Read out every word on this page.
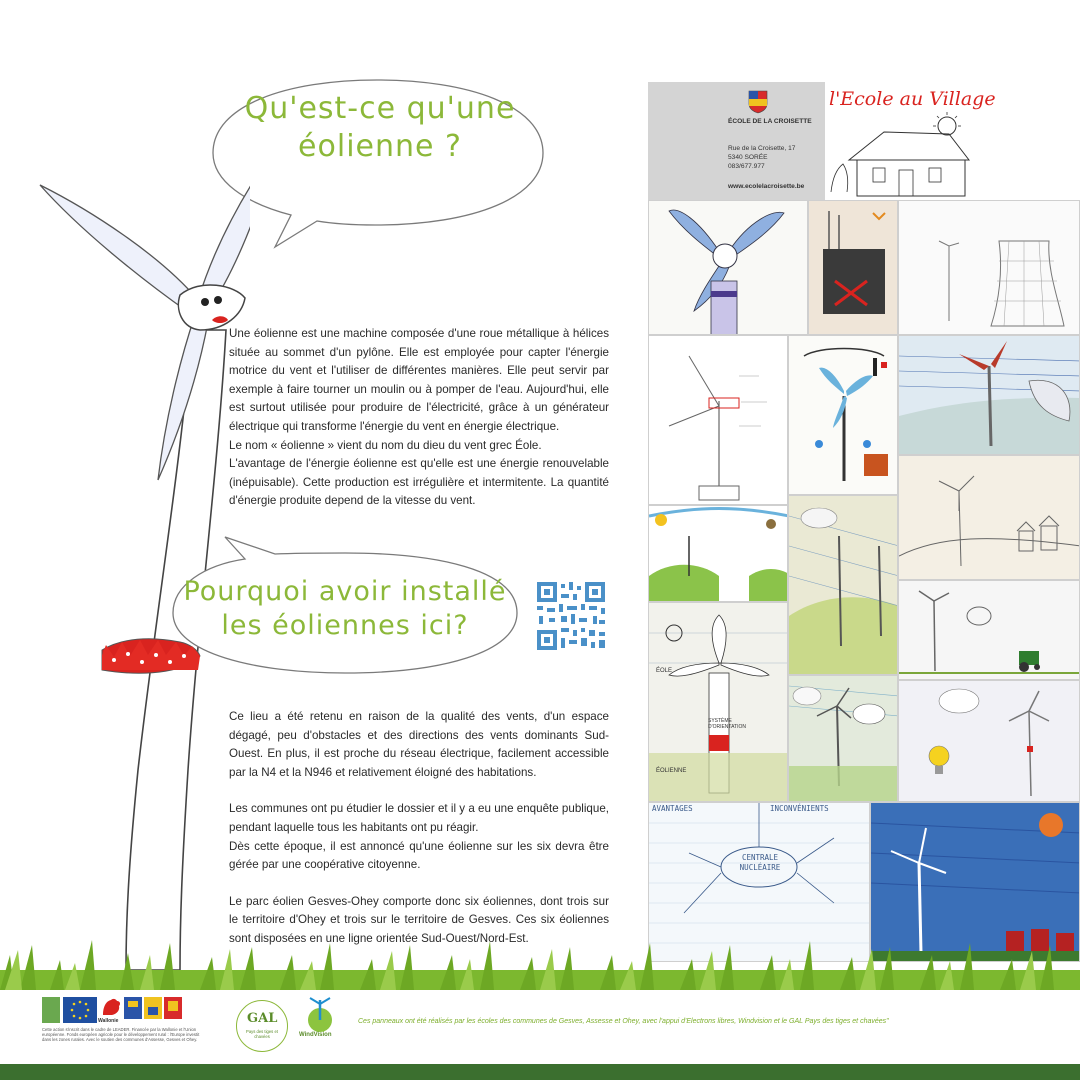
Qu'est-ce qu'une
éolienne ?

Une éolienne est une machine composée d'une roue métallique à hélices située au sommet d'un pylône. Elle est employée pour capter l'énergie motrice du vent et l'utiliser de différentes manières. Elle peut servir par exemple à faire tourner un moulin ou à pomper de l'eau. Aujourd'hui, elle est surtout utilisée pour produire de l'électricité, grâce à un générateur électrique qui transforme l'énergie du vent en énergie électrique.

Le nom « éolienne » vient du nom du dieu du vent grec Éole.

L'avantage de l'énergie éolienne est qu'elle est une énergie renouvelable (inépuisable). Cette production est irrégulière et intermitente. La quantité d'énergie produite depend de la vitesse du vent.

Pourquoi avoir installé
les éoliennes ici?

Ce lieu a été retenu en raison de la qualité des vents, d'un espace dégagé, peu d'obstacles et des directions des vents dominants Sud-Ouest. En plus, il est proche du réseau électrique, facilement accessible par la N4 et la N946 et relativement éloigné des habitations.

Les communes ont pu étudier le dossier et il y a eu une enquête publique, pendant laquelle tous les habitants ont pu réagir.

Dès cette époque, il est annoncé qu'une éolienne sur les six devra être gérée par une coopérative citoyenne.

Le parc éolien Gesves-Ohey comporte donc six éoliennes, dont trois sur le territoire d'Ohey et trois sur le territoire de Gesves. Ces six éoliennes sont disposées en une ligne orientée Sud-Ouest/Nord-Est.

ÉCOLE DE LA CROISETTE
Rue de la Croisette, 17
5340 SORÉE
083/677.977
www.ecolelacroisette.be
l'Ecole au Village
ÉOLE
SYSTÈME D'ORIENTATION
ÉOLIENNE
AVANTAGES	INCONVÉNIENTS
CENTRALE NUCLÉAIRE
Wallonie
Cette action s'inscrit dans le cadre de LEADER. Financée par la Wallonie et l'Union européenne. Fonds européen agricole pour le développement rural : l'Europe investit dans les zones rurales. Avec le soutien des communes d'Assesse, Gesves et Ohey.
GAL
Pays des tiges et chavées	WindVision
Ces panneaux ont été réalisés par les écoles des communes de Gesves, Assesse et Ohey, avec l'appui d'Electrons libres, Windvision et le GAL Pays des tiges et chavées"
